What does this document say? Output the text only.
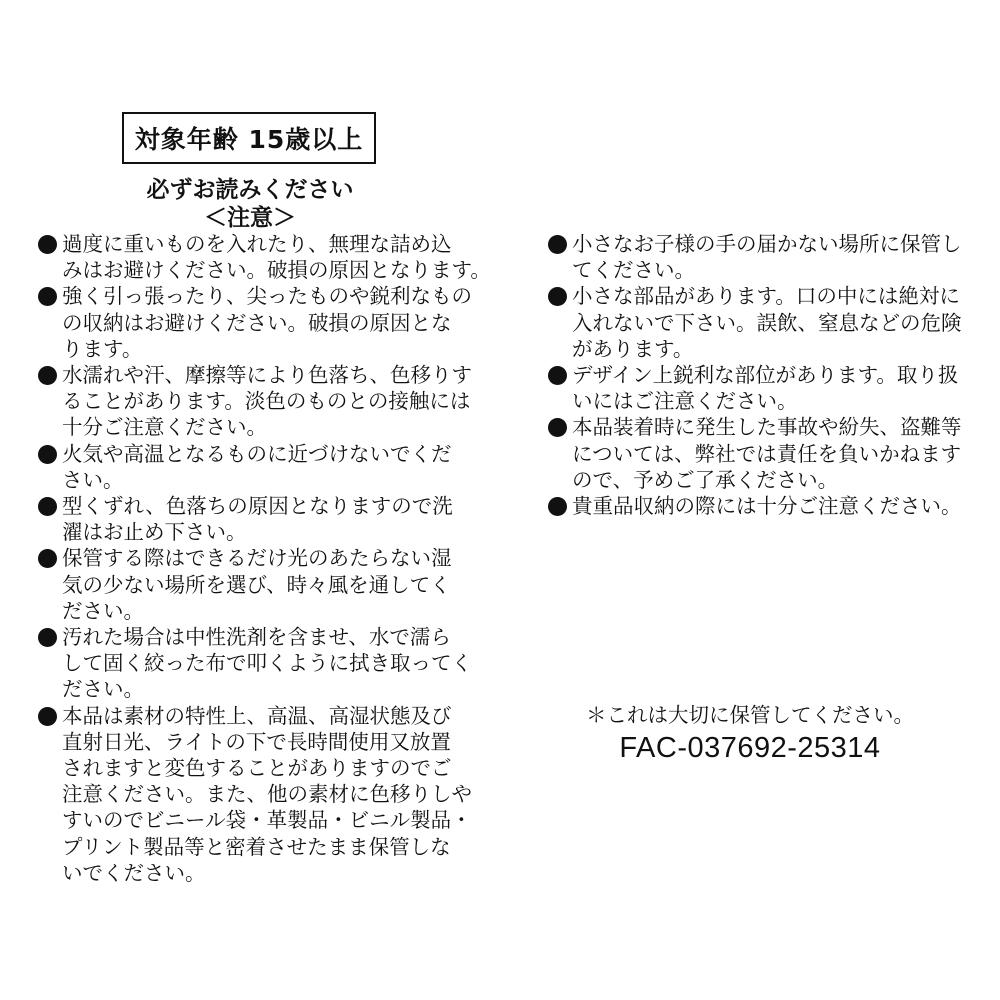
対象年齢 15歳以上
必ずお読みください
＜注意＞
過度に重いものを入れたり、無理な詰め込
みはお避けください。破損の原因となります。
強く引っ張ったり、尖ったものや鋭利なもの
の収納はお避けください。破損の原因とな
ります。
水濡れや汗、摩擦等により色落ち、色移りす
ることがあります。淡色のものとの接触には
十分ご注意ください。
火気や高温となるものに近づけないでくだ
さい。
型くずれ、色落ちの原因となりますので洗
濯はお止め下さい。
保管する際はできるだけ光のあたらない湿
気の少ない場所を選び、時々風を通してく
ださい。
汚れた場合は中性洗剤を含ませ、水で濡ら
して固く絞った布で叩くように拭き取ってく
ださい。
本品は素材の特性上、高温、高湿状態及び
直射日光、ライトの下で長時間使用又放置
されますと変色することがありますのでご
注意ください。また、他の素材に色移りしや
すいのでビニール袋・革製品・ビニル製品・
プリント製品等と密着させたまま保管しな
いでください。
小さなお子様の手の届かない場所に保管し
てください。
小さな部品があります。口の中には絶対に
入れないで下さい。誤飲、窒息などの危険
があります。
デザイン上鋭利な部位があります。取り扱
いにはご注意ください。
本品装着時に発生した事故や紛失、盗難等
については、弊社では責任を負いかねます
ので、予めご了承ください。
貴重品収納の際には十分ご注意ください。
＊これは大切に保管してください。
FAC-037692-25314
